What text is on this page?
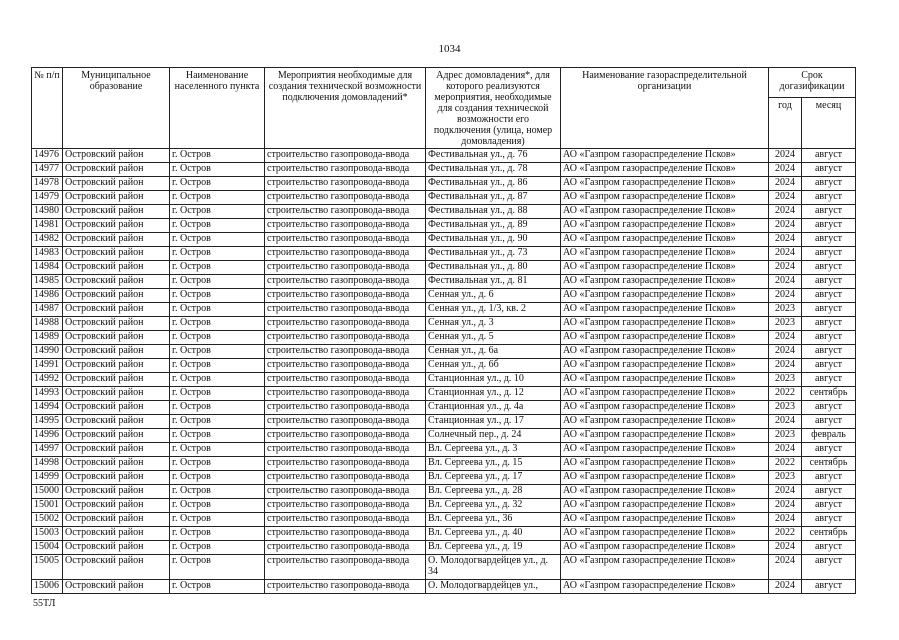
1034
№ п/п	Муниципальное образование	Наименование населенного пункта	Мероприятия необходимые для создания технической возможности подключения домовладений*	Адрес домовладения*, для которого реализуются мероприятия, необходимые для создания технической возможности его подключения (улица, номер домовладения)	Наименование газораспределительной организации	Срок догазификации	
						год	месяц
14976	Островский район	г. Остров	строительство газопровода-ввода	Фестивальная ул., д. 76	АО «Газпром газораспределение Псков»	2024	август
14977	Островский район	г. Остров	строительство газопровода-ввода	Фестивальная ул., д. 78	АО «Газпром газораспределение Псков»	2024	август
14978	Островский район	г. Остров	строительство газопровода-ввода	Фестивальная ул., д. 86	АО «Газпром газораспределение Псков»	2024	август
14979	Островский район	г. Остров	строительство газопровода-ввода	Фестивальная ул., д. 87	АО «Газпром газораспределение Псков»	2024	август
14980	Островский район	г. Остров	строительство газопровода-ввода	Фестивальная ул., д. 88	АО «Газпром газораспределение Псков»	2024	август
14981	Островский район	г. Остров	строительство газопровода-ввода	Фестивальная ул., д. 89	АО «Газпром газораспределение Псков»	2024	август
14982	Островский район	г. Остров	строительство газопровода-ввода	Фестивальная ул., д. 90	АО «Газпром газораспределение Псков»	2024	август
14983	Островский район	г. Остров	строительство газопровода-ввода	Фестивальная ул., д. 73	АО «Газпром газораспределение Псков»	2024	август
14984	Островский район	г. Остров	строительство газопровода-ввода	Фестивальная ул., д. 80	АО «Газпром газораспределение Псков»	2024	август
14985	Островский район	г. Остров	строительство газопровода-ввода	Фестивальная ул., д. 81	АО «Газпром газораспределение Псков»	2024	август
14986	Островский район	г. Остров	строительство газопровода-ввода	Сенная ул., д. 6	АО «Газпром газораспределение Псков»	2024	август
14987	Островский район	г. Остров	строительство газопровода-ввода	Сенная ул., д. 1/3, кв. 2	АО «Газпром газораспределение Псков»	2023	август
14988	Островский район	г. Остров	строительство газопровода-ввода	Сенная ул., д. 3	АО «Газпром газораспределение Псков»	2023	август
14989	Островский район	г. Остров	строительство газопровода-ввода	Сенная ул., д. 5	АО «Газпром газораспределение Псков»	2024	август
14990	Островский район	г. Остров	строительство газопровода-ввода	Сенная ул., д. 6а	АО «Газпром газораспределение Псков»	2024	август
14991	Островский район	г. Остров	строительство газопровода-ввода	Сенная ул., д. 6б	АО «Газпром газораспределение Псков»	2024	август
14992	Островский район	г. Остров	строительство газопровода-ввода	Станционная ул., д. 10	АО «Газпром газораспределение Псков»	2023	август
14993	Островский район	г. Остров	строительство газопровода-ввода	Станционная ул., д. 12	АО «Газпром газораспределение Псков»	2022	сентябрь
14994	Островский район	г. Остров	строительство газопровода-ввода	Станционная ул., д. 4а	АО «Газпром газораспределение Псков»	2023	август
14995	Островский район	г. Остров	строительство газопровода-ввода	Станционная ул., д. 17	АО «Газпром газораспределение Псков»	2024	август
14996	Островский район	г. Остров	строительство газопровода-ввода	Солнечный пер., д. 24	АО «Газпром газораспределение Псков»	2023	февраль
14997	Островский район	г. Остров	строительство газопровода-ввода	Вл. Сергеева ул., д. 3	АО «Газпром газораспределение Псков»	2024	август
14998	Островский район	г. Остров	строительство газопровода-ввода	Вл. Сергеева ул., д. 15	АО «Газпром газораспределение Псков»	2022	сентябрь
14999	Островский район	г. Остров	строительство газопровода-ввода	Вл. Сергеева ул., д. 17	АО «Газпром газораспределение Псков»	2023	август
15000	Островский район	г. Остров	строительство газопровода-ввода	Вл. Сергеева ул., д. 28	АО «Газпром газораспределение Псков»	2024	август
15001	Островский район	г. Остров	строительство газопровода-ввода	Вл. Сергеева ул., д. 32	АО «Газпром газораспределение Псков»	2024	август
15002	Островский район	г. Остров	строительство газопровода-ввода	Вл. Сергеева ул., 36	АО «Газпром газораспределение Псков»	2024	август
15003	Островский район	г. Остров	строительство газопровода-ввода	Вл. Сергеева ул., д. 40	АО «Газпром газораспределение Псков»	2022	сентябрь
15004	Островский район	г. Остров	строительство газопровода-ввода	Вл. Сергеева ул., д. 19	АО «Газпром газораспределение Псков»	2024	август
15005	Островский район	г. Остров	строительство газопровода-ввода	О. Молодогвардейцев ул., д. 34	АО «Газпром газораспределение Псков»	2024	август
15006	Островский район	г. Остров	строительство газопровода-ввода	О. Молодогвардейцев ул.,	АО «Газпром газораспределение Псков»	2024	август
55ТЛ
